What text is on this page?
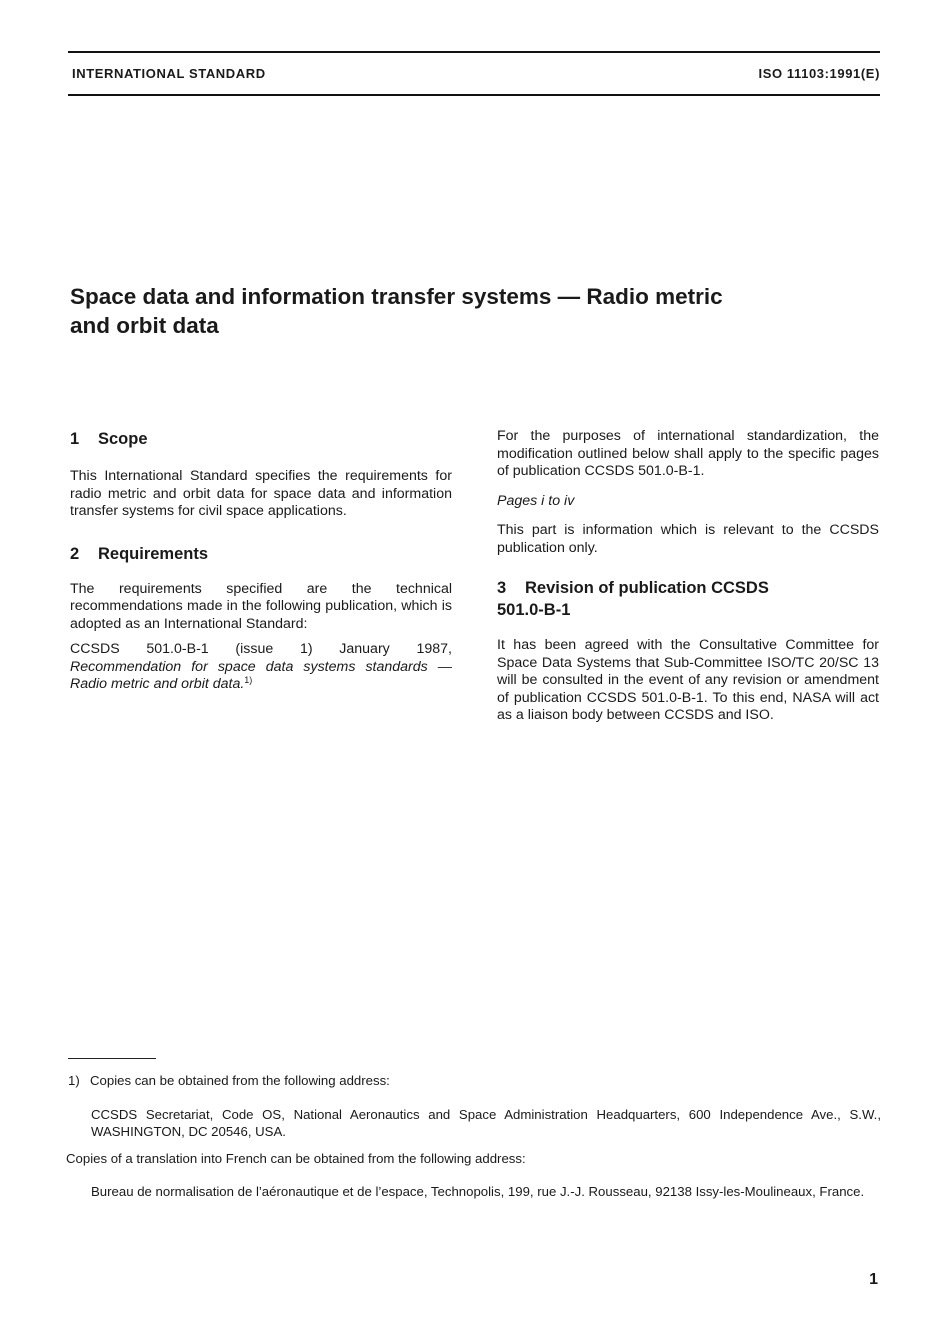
INTERNATIONAL STANDARD	ISO 11103:1991(E)
Space data and information transfer systems — Radio metric
and orbit data
1 Scope

This International Standard specifies the requirements for radio metric and orbit data for space data and information transfer systems for civil space applications.

2 Requirements

The requirements specified are the technical recommendations made in the following publication, which is adopted as an International Standard:

CCSDS 501.0-B-1 (issue 1) January 1987, Recommendation for space data systems standards — Radio metric and orbit data.$^{1)}$

For the purposes of international standardization, the modification outlined below shall apply to the specific pages of publication CCSDS 501.0-B-1.

Pages i to iv

This part is information which is relevant to the CCSDS publication only.

3 Revision of publication CCSDS
501.0-B-1

It has been agreed with the Consultative Committee for Space Data Systems that Sub-Committee ISO/TC 20/SC 13 will be consulted in the event of any revision or amendment of publication CCSDS 501.0-B-1. To this end, NASA will act as a liaison body between CCSDS and ISO.

1) Copies can be obtained from the following address:
CCSDS Secretariat, Code OS, National Aeronautics and Space Administration Headquarters, 600 Independence Ave., S.W., WASHINGTON, DC 20546, USA.
Copies of a translation into French can be obtained from the following address:
Bureau de normalisation de l’aéronautique et de l’espace, Technopolis, 199, rue J.-J. Rousseau, 92138 Issy-les-Moulineaux, France.
1
